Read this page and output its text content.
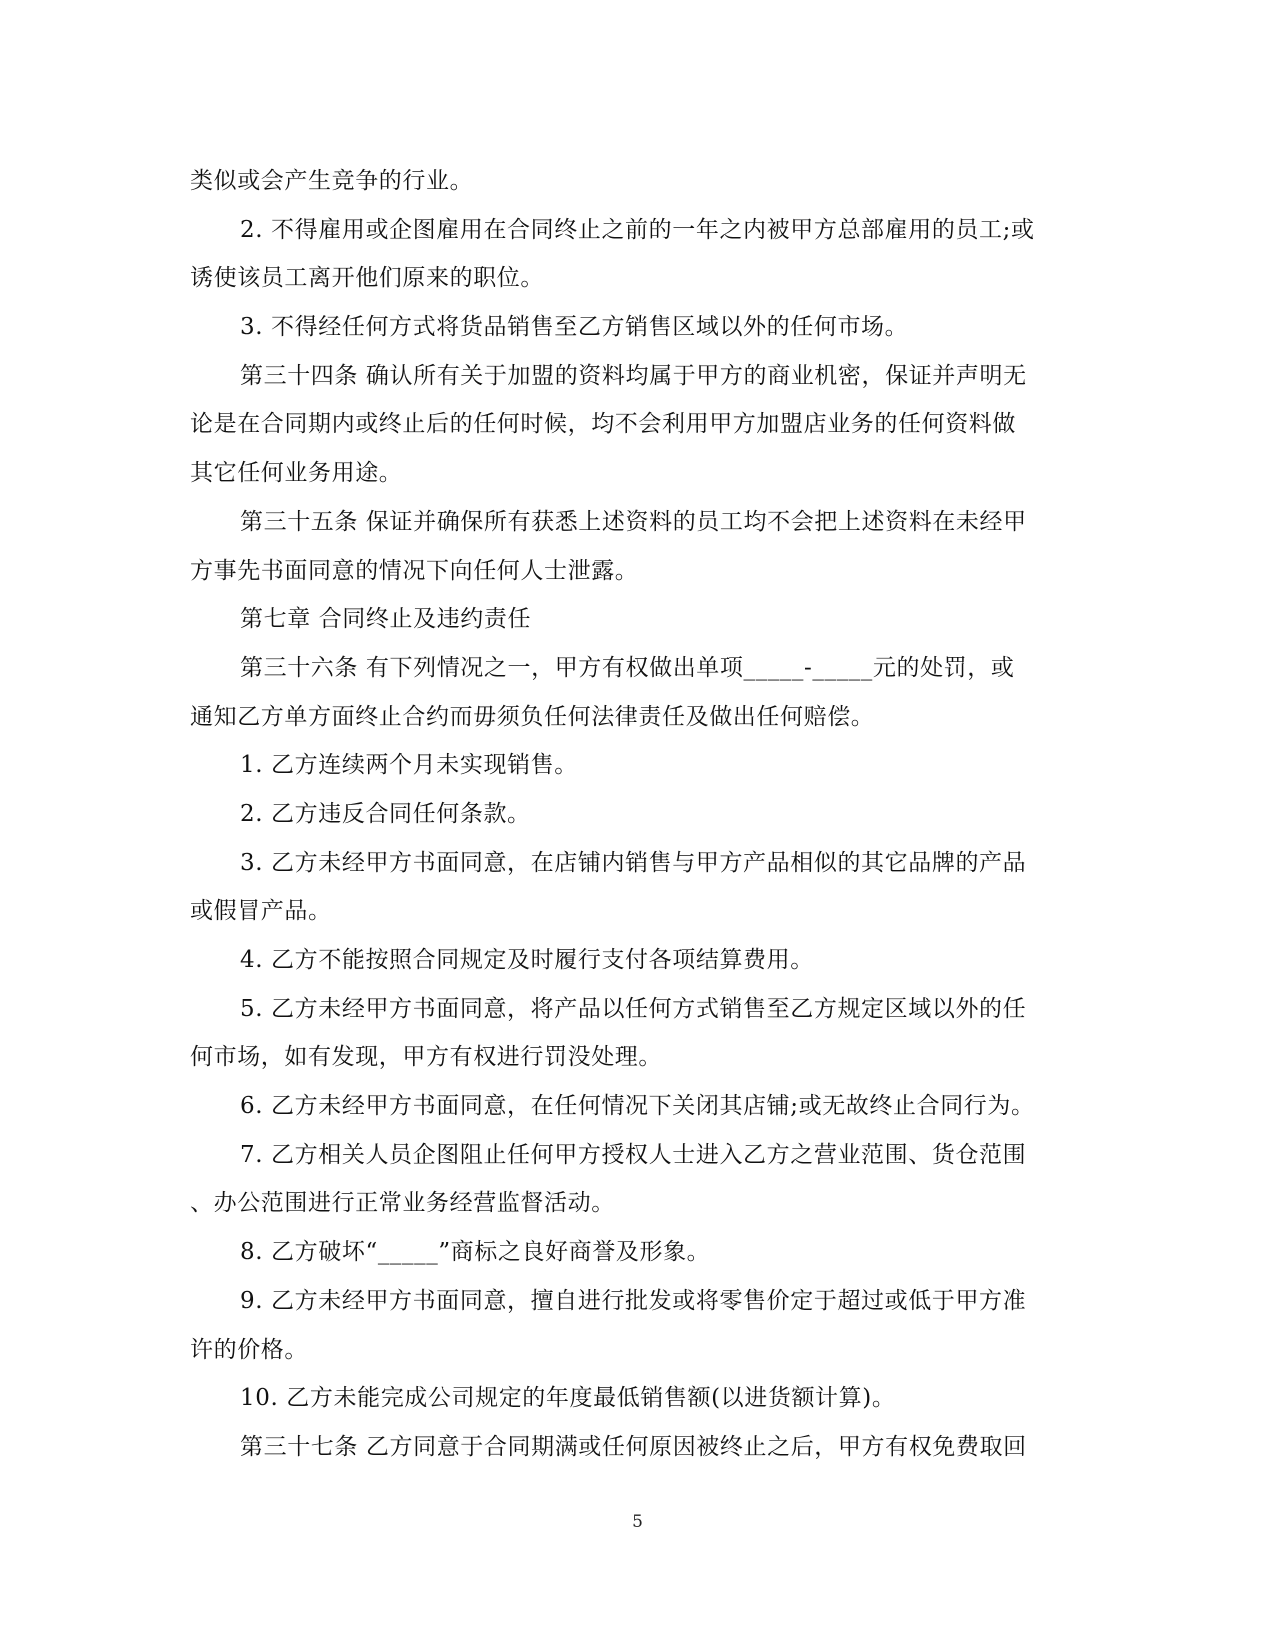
类似或会产生竞争的行业。
2. 不得雇用或企图雇用在合同终止之前的一年之内被甲方总部雇用的员工;或
诱使该员工离开他们原来的职位。
3. 不得经任何方式将货品销售至乙方销售区域以外的任何市场。
第三十四条 确认所有关于加盟的资料均属于甲方的商业机密，保证并声明无
论是在合同期内或终止后的任何时候，均不会利用甲方加盟店业务的任何资料做
其它任何业务用途。
第三十五条 保证并确保所有获悉上述资料的员工均不会把上述资料在未经甲
方事先书面同意的情况下向任何人士泄露。
第七章 合同终止及违约责任
第三十六条 有下列情况之一，甲方有权做出单项_____-_____元的处罚，或
通知乙方单方面终止合约而毋须负任何法律责任及做出任何赔偿。
1. 乙方连续两个月未实现销售。
2. 乙方违反合同任何条款。
3. 乙方未经甲方书面同意，在店铺内销售与甲方产品相似的其它品牌的产品
或假冒产品。
4. 乙方不能按照合同规定及时履行支付各项结算费用。
5. 乙方未经甲方书面同意，将产品以任何方式销售至乙方规定区域以外的任
何市场，如有发现，甲方有权进行罚没处理。
6. 乙方未经甲方书面同意，在任何情况下关闭其店铺;或无故终止合同行为。
7. 乙方相关人员企图阻止任何甲方授权人士进入乙方之营业范围、货仓范围
、办公范围进行正常业务经营监督活动。
8. 乙方破坏“_____”商标之良好商誉及形象。
9. 乙方未经甲方书面同意，擅自进行批发或将零售价定于超过或低于甲方准
许的价格。
10. 乙方未能完成公司规定的年度最低销售额(以进货额计算)。
第三十七条 乙方同意于合同期满或任何原因被终止之后，甲方有权免费取回
5
